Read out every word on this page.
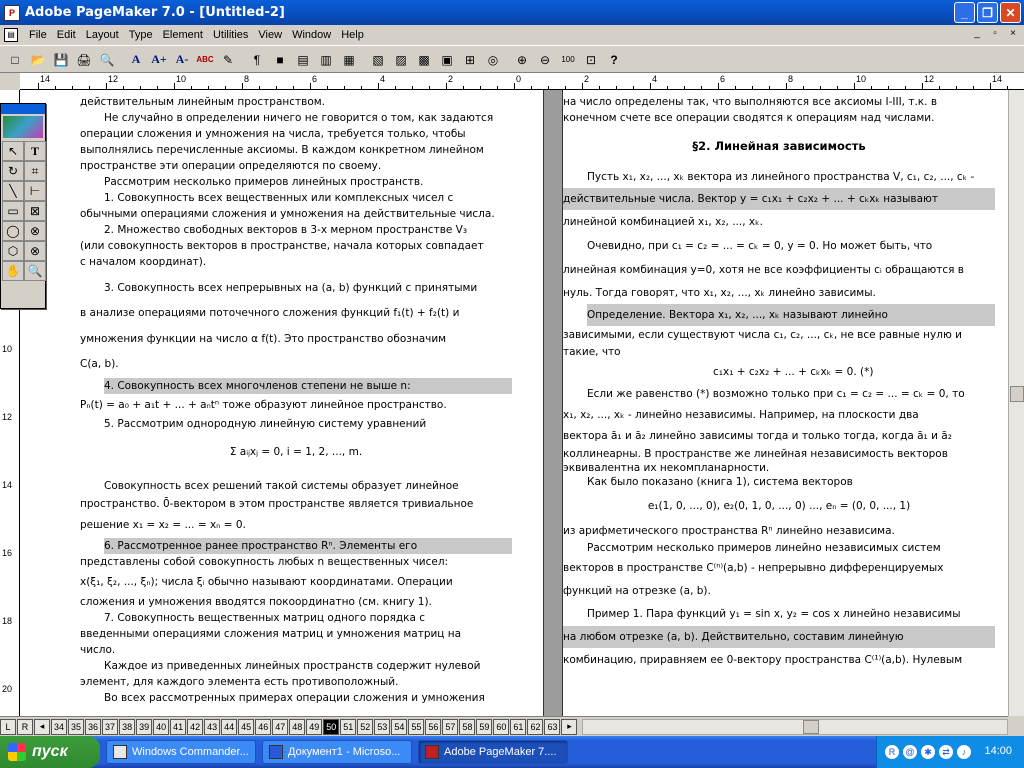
P Adobe PageMaker 7.0 - [Untitled-2]	_	❐	✕
▤	File Edit Layout Type Element Utilities View Window Help	_	▫	×
□ 📂 💾 🖨 🔍	A A+ A-	ABC ✎	¶	■	▤ ▥ ▦	▧ ▨ ▩ ▣	⊞	◎	⊕	⊖	100 ⊡	?
14	12	10	8	6	4	2	0	2	4	6	8	10	12	14
10
12
14
16
18
20

действительным линейным пространством.

Не случайно в определении ничего не говорится о том, как задаются

операции сложения и умножения на числа, требуется только, чтобы

выполнялись перечисленные аксиомы. В каждом конкретном линейном

пространстве эти операции определяются по своему.

Рассмотрим несколько примеров линейных пространств.

1. Совокупность всех вещественных или комплексных чисел с

обычными операциями сложения и умножения на действительные числа.

2. Множество свободных векторов в 3-х мерном пространстве V₃

(или совокупность векторов в пространстве, начала которых совпадает

с началом координат).

3. Совокупность всех непрерывных на (a, b) функций с принятыми

в анализе операциями поточечного сложения функций f₁(t) + f₂(t) и

умножения функции на число α f(t). Это пространство обозначим

C(a, b).

4. Совокупность всех многочленов степени не выше n:

Pₙ(t) = a₀ + a₁t + ... + aₙtⁿ тоже образуют линейное пространство.

5. Рассмотрим однородную линейную систему уравнений

Σ aᵢⱼxⱼ = 0, i = 1, 2, ..., m.

Совокупность всех решений такой системы образует линейное

пространство. 0̄-вектором в этом пространстве является тривиальное

решение x₁ = x₂ = ... = xₙ = 0.

6. Рассмотренное ранее пространство Rⁿ. Элементы его

представлены собой совокупность любых n вещественных чисел:

x(ξ₁, ξ₂, ..., ξₙ); числа ξᵢ обычно называют координатами. Операции

сложения и умножения вводятся покоординатно (см. книгу 1).

7. Совокупность вещественных матриц одного порядка с

введенными операциями сложения матриц и умножения матриц на

число.

Каждое из приведенных линейных пространств содержит нулевой

элемент, для каждого элемента есть противоположный.

Во всех рассмотренных примерах операции сложения и умножения

на число определены так, что выполняются все аксиомы I-III, т.к. в

конечном счете все операции сводятся к операциям над числами.

§2. Линейная зависимость

Пусть x₁, x₂, ..., xₖ вектора из линейного пространства V, c₁, c₂, ..., cₖ -

действительные числа. Вектор y = c₁x₁ + c₂x₂ + ... + cₖxₖ называют

линейной комбинацией x₁, x₂, ..., xₖ.

Очевидно, при c₁ = c₂ = ... = cₖ = 0, y = 0. Но может быть, что

линейная комбинация y=0, хотя не все коэффициенты cᵢ обращаются в

нуль. Тогда говорят, что x₁, x₂, ..., xₖ линейно зависимы.

Определение. Вектора x₁, x₂, ..., xₖ называют линейно

зависимыми, если существуют числа c₁, c₂, ..., cₖ, не все равные нулю и

такие, что

c₁x₁ + c₂x₂ + ... + cₖxₖ = 0. (*)

Если же равенство (*) возможно только при c₁ = c₂ = ... = cₖ = 0, то

x₁, x₂, ..., xₖ - линейно независимы. Например, на плоскости два

вектора ā₁ и ā₂ линейно зависимы тогда и только тогда, когда ā₁ и ā₂

коллинеарны. В пространстве же линейная независимость векторов

эквивалентна их некомпланарности.

Как было показано (книга 1), система векторов

e₁(1, 0, ..., 0), e₂(0, 1, 0, ..., 0) ..., eₙ = (0, 0, ..., 1)

из арифметического пространства Rⁿ линейно независима.

Рассмотрим несколько примеров линейно независимых систем

векторов в пространстве C⁽ⁿ⁾(a,b) - непрерывно дифференцируемых

функций на отрезке (a, b).

Пример 1. Пара функций y₁ = sin x, y₂ = cos x линейно независимы

на любом отрезке (a, b). Действительно, составим линейную

комбинацию, приравняем ее 0-вектору пространства C⁽¹⁾(a,b). Нулевым

↖	T
↻	⌗
╲	⊢
▭ ⊠
◯ ⊗
⬡ ⊗
✋ 🔍
L	R	◂	34 35 36 37 38 39 40 41 42 43 44 45 46 47 48 49 50 51 52 53 54 55 56 57 58 59 60 61 62 63	▸
пуск	Windows Commander...	Документ1 - Microso...	Adobe PageMaker 7....	R	@	✱	⇄	♪	14:00
